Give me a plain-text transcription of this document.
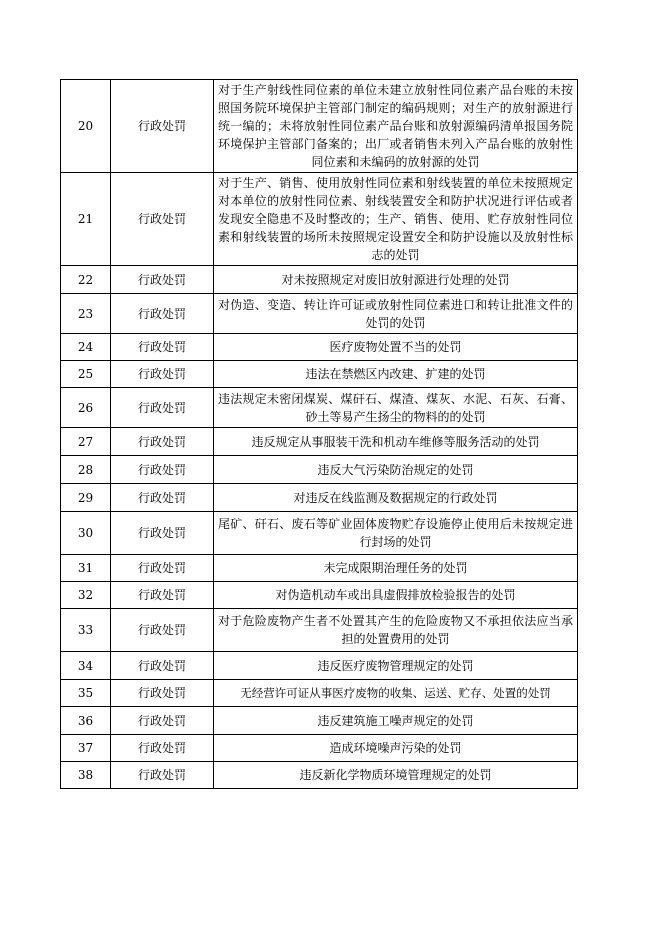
20	行政处罚	对于生产射线性同位素的单位未建立放射性同位素产品台账的未按照国务院环境保护主管部门制定的编码规则；对生产的放射源进行统一编的；未将放射性同位素产品台账和放射源编码清单报国务院环境保护主管部门备案的；出厂或者销售未列入产品台账的放射性同位素和未编码的放射源的处罚
21	行政处罚	对于生产、销售、使用放射性同位素和射线装置的单位未按照规定对本单位的放射性同位素、射线装置安全和防护状况进行评估或者发现安全隐患不及时整改的；生产、销售、使用、贮存放射性同位素和射线装置的场所未按照规定设置安全和防护设施以及放射性标志的处罚
22	行政处罚	对未按照规定对废旧放射源进行处理的处罚
23	行政处罚	对伪造、变造、转让许可证或放射性同位素进口和转让批准文件的处罚的处罚
24	行政处罚	医疗废物处置不当的处罚
25	行政处罚	违法在禁燃区内改建、扩建的处罚
26	行政处罚	违法规定未密闭煤炭、煤矸石、煤渣、煤灰、水泥、石灰、石膏、砂土等易产生扬尘的物料的的处罚
27	行政处罚	违反规定从事服装干洗和机动车维修等服务活动的处罚
28	行政处罚	违反大气污染防治规定的处罚
29	行政处罚	对违反在线监测及数据规定的行政处罚
30	行政处罚	尾矿、矸石、废石等矿业固体废物贮存设施停止使用后未按规定进行封场的处罚
31	行政处罚	未完成限期治理任务的处罚
32	行政处罚	对伪造机动车或出具虚假排放检验报告的处罚
33	行政处罚	对于危险废物产生者不处置其产生的危险废物又不承担依法应当承担的处置费用的处罚
34	行政处罚	违反医疗废物管理规定的处罚
35	行政处罚	无经营许可证从事医疗废物的收集、运送、贮存、处置的处罚
36	行政处罚	违反建筑施工噪声规定的处罚
37	行政处罚	造成环境噪声污染的处罚
38	行政处罚	违反新化学物质环境管理规定的处罚
